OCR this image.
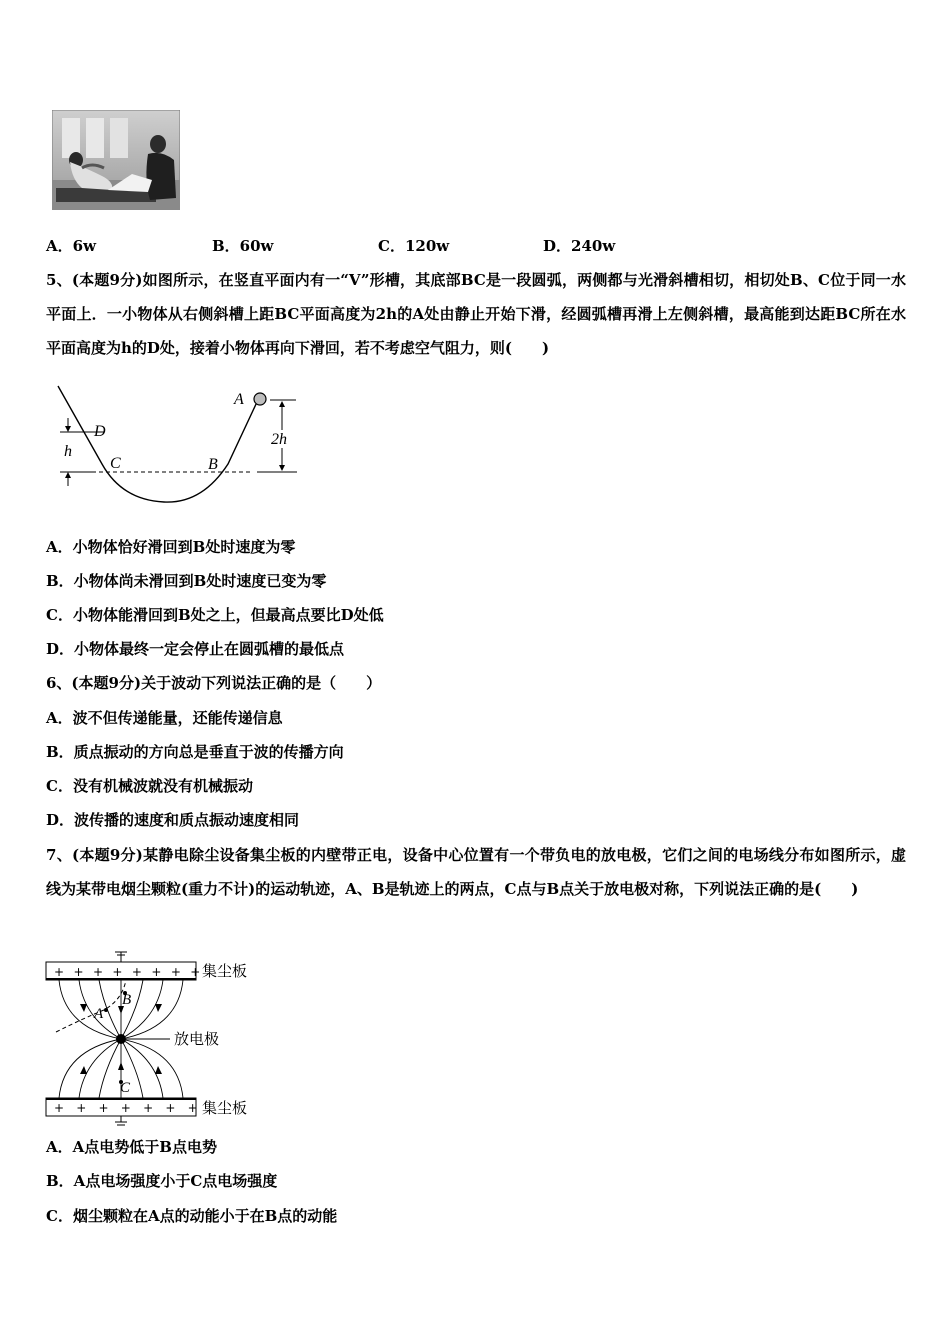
A．6w	B．60w	C．120w	D．240w
5、(本题9分)如图所示，在竖直平面内有一“V”形槽，其底部BC是一段圆弧，两侧都与光滑斜槽相切，相切处B、C位于同一水平面上．一小物体从右侧斜槽上距BC平面高度为2h的A处由静止开始下滑，经圆弧槽再滑上左侧斜槽，最高能到达距BC所在水平面高度为h的D处，接着小物体再向下滑回，若不考虑空气阻力，则(　　)
A
D
h
C	B
2h
A．小物体恰好滑回到B处时速度为零
B．小物体尚未滑回到B处时速度已变为零
C．小物体能滑回到B处之上，但最高点要比D处低
D．小物体最终一定会停止在圆弧槽的最低点
6、(本题9分)关于波动下列说法正确的是（　　）
A．波不但传递能量，还能传递信息
B．质点振动的方向总是垂直于波的传播方向
C．没有机械波就没有机械振动
D．波传播的速度和质点振动速度相同
7、(本题9分)某静电除尘设备集尘板的内壁带正电，设备中心位置有一个带负电的放电极，它们之间的电场线分布如图所示，虚线为某带电烟尘颗粒(重力不计)的运动轨迹，A、B是轨迹上的两点，C点与B点关于放电极对称，下列说法正确的是(　　)
+ + + + + + + +
+ + + + + + +
A
B
C
集尘板
放电极
集尘板
A．A点电势低于B点电势
B．A点电场强度小于C点电场强度
C．烟尘颗粒在A点的动能小于在B点的动能
